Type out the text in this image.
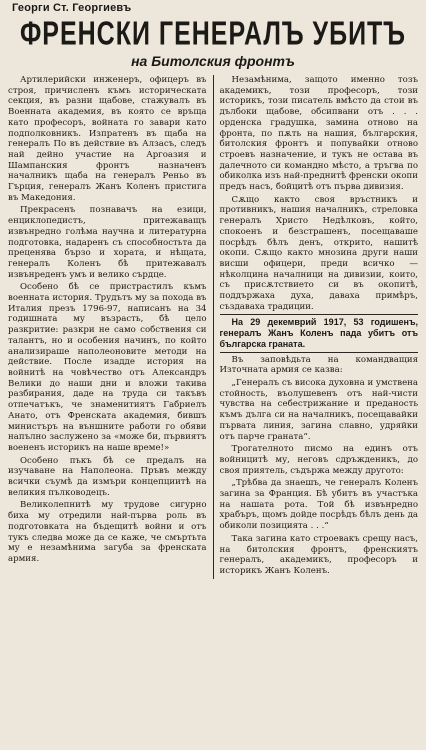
Георги Ст. Георгиевъ
ФРЕНСКИ ГЕНЕРАЛЪ УБИТЪ
на Битолския фронтъ

Артилерийски инженеръ, офицеръ въ строя, причисленъ къмъ историческата секция, въ разни щабове, стажувалъ въ Военната академия, въ която се връща като професоръ, войната го завари като подполковникъ. Изпратенъ въ щаба на генералъ По въ действие въ Алзасъ, следъ най дейно участие на Аргоазия и Шампанския фронтъ назначенъ началникъ щаба на генералъ Реньо въ Гърция, генералъ Жанъ Коленъ пристига въ Македония.

Прекрасенъ познавачъ на езици, енциклопедистъ, притежаващъ извънредно голѣма научна и литературна подготовка, надаренъ съ способностьта да преценява бързо и хората, и нѣщата, генералъ Коленъ бѣ притежавалъ извънреденъ умъ и велико сърдце.

Особено бѣ се пристрастилъ къмъ военната история. Трудътъ му за похода въ Италия презъ 1796-97, написанъ на 34 годишната му възрасть, бѣ цело разкритие: разкри не само собствения си талантъ, но и особения начинъ, по който анализираше наполеоновите методи на действие. После изадде история на войнитѣ на човѣчество отъ Александръ Велики до наши дни и вложи такива разбирания, даде на труда си такъвъ отпечатъкъ, че знаменитиятъ Габриелъ Анато, отъ Френската академия, бившъ министъръ на външните работи го обяви напълно заслужено за «може би, първиятъ воененъ историкъ на наше време!»

Особено пъкъ бѣ се предалъ на изучаване на Наполеона. Пръвъ между всички съумѣ да измъри концепциитѣ на великия пълководецъ.

Великолепнитѣ му трудове сигурно биха му отредили най-първа роль въ подготовката на бъдещитѣ войни и отъ тукъ следва може да се каже, че смъртьта му е незамѣнима загуба за френската армия.

Незамѣнима, защото именно тозъ академикъ, този професоръ, този историкъ, този писатель вмѣсто да стои въ дълбоки щабове, обсипвани отъ . . . орденска градушка, замина отново на фронта, по пѫть на нашия, българския, битолския фронтъ и попувайки отново строевъ назначение, и тукъ не остава въ далечното си командно мѣсто, а тръгва по обиколка изъ най-преднитѣ френски окопи предъ насъ, бойцитѣ отъ първа дивизия.

Сѫщо както своя връстникъ и противникъ, нашия началникъ, стреловка генералъ Христо Недѣлковъ, който, спокоенъ и безстрашенъ, посещаваше посрѣдъ бѣлъ денъ, открито, нашитѣ окопи. Сѫщо както мнозина други наши висши офицери, преди всичко — нѣколцина началници на дивизии, които, съ присѫтствието си въ окопитѣ, поддържаха духа, даваха примѣръ, създаваха традиции.

На 29 декемврий 1917, 53 годишенъ, генералъ Жанъ Коленъ пада убитъ отъ българска граната.

Въ заповѣдьта на командващия Източната армия се казва:

„Генералъ съ висока духовна и умствена стойность, въолушевенъ отъ най-чисти чувства на себестрижание и преданость къмъ дълга си на началникъ, посещавайки първата линия, загина славно, удряйки отъ парче граната“.

Трогателното писмо на единъ отъ войницитѣ му, неговъ сдръжденикъ, до своя приятель, съдържа между другото:

„Трѣбва да знаешъ, че генералъ Коленъ загина за Франция. Бѣ убитъ въ участъка на нашата рота. Той бѣ извънредно храбъръ, щомъ дойде посрѣдъ бѣлъ день да обиколи позицията . . .“

Така загина като строевакъ срещу насъ, на битолския фронтъ, френскиятъ генералъ, академикъ, професоръ и историкъ Жанъ Коленъ.
